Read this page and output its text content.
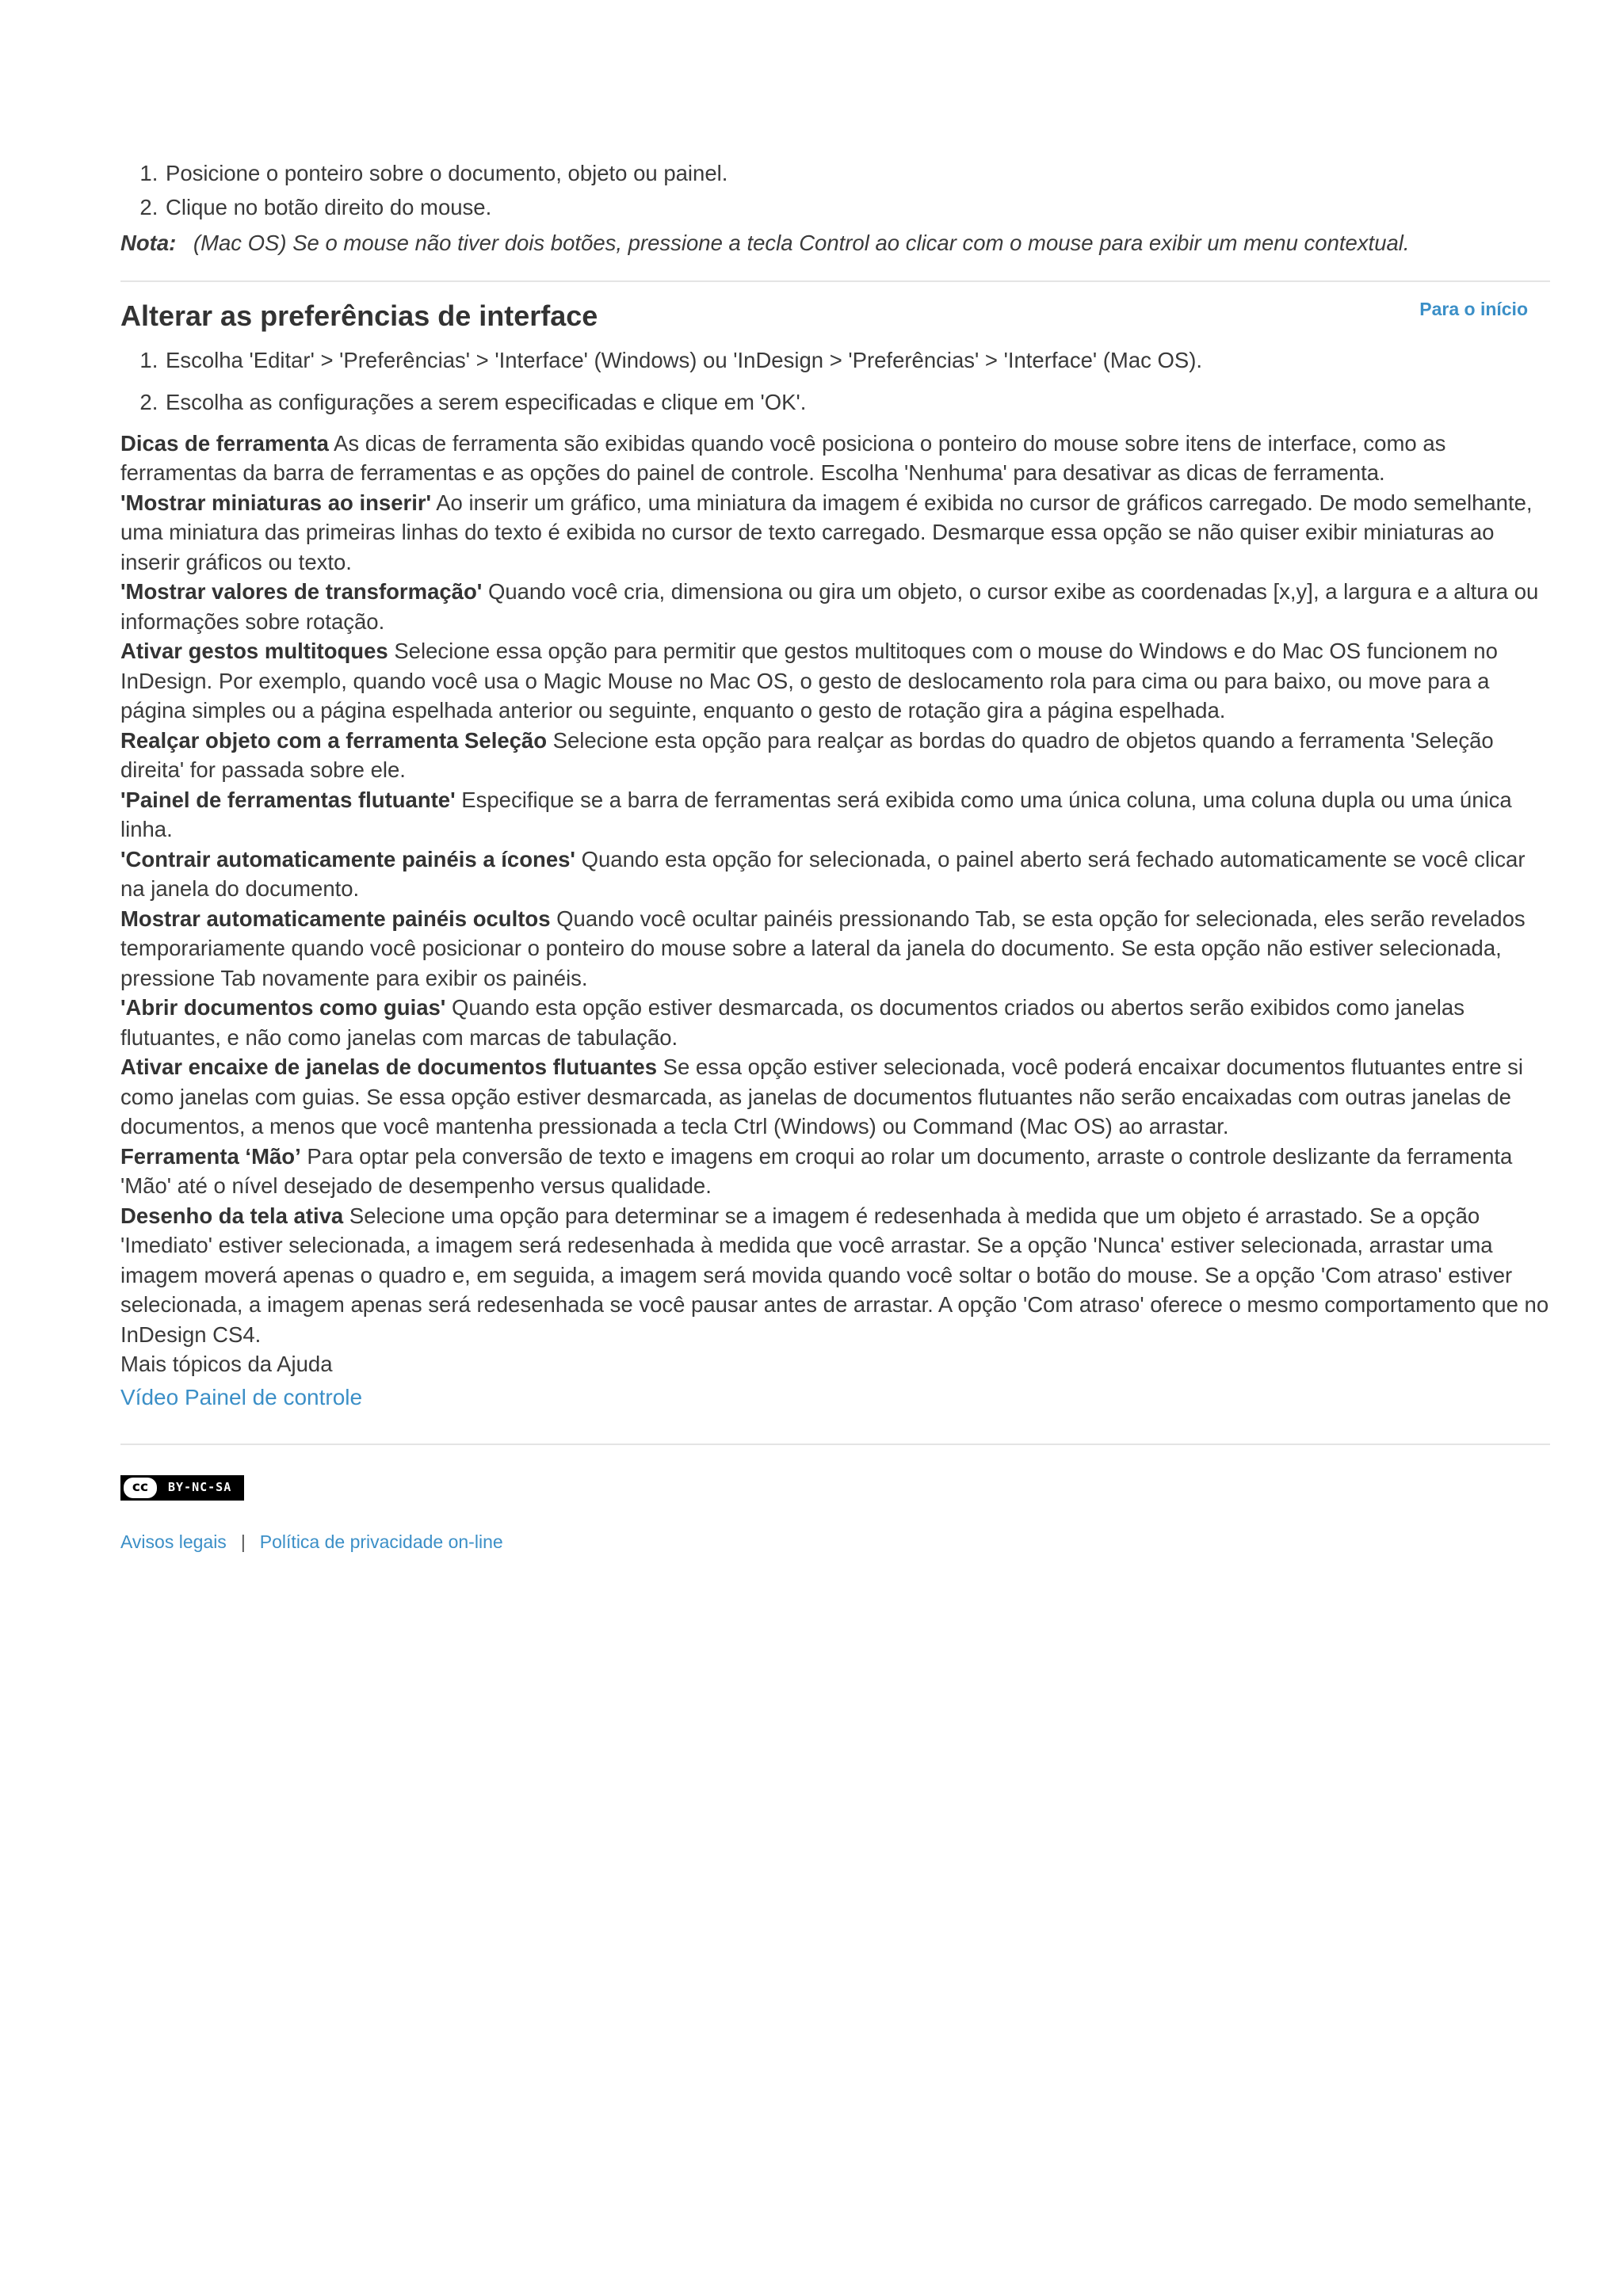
1. Posicione o ponteiro sobre o documento, objeto ou painel.
2. Clique no botão direito do mouse.
Nota: (Mac OS) Se o mouse não tiver dois botões, pressione a tecla Control ao clicar com o mouse para exibir um menu contextual.
Alterar as preferências de interface	Para o início
1. Escolha 'Editar' > 'Preferências' > 'Interface' (Windows) ou 'InDesign > 'Preferências' > 'Interface' (Mac OS).
2. Escolha as configurações a serem especificadas e clique em 'OK'.

Dicas de ferramenta As dicas de ferramenta são exibidas quando você posiciona o ponteiro do mouse sobre itens de interface, como as ferramentas da barra de ferramentas e as opções do painel de controle. Escolha 'Nenhuma' para desativar as dicas de ferramenta.

'Mostrar miniaturas ao inserir' Ao inserir um gráfico, uma miniatura da imagem é exibida no cursor de gráficos carregado. De modo semelhante, uma miniatura das primeiras linhas do texto é exibida no cursor de texto carregado. Desmarque essa opção se não quiser exibir miniaturas ao inserir gráficos ou texto.

'Mostrar valores de transformação' Quando você cria, dimensiona ou gira um objeto, o cursor exibe as coordenadas [x,y], a largura e a altura ou informações sobre rotação.

Ativar gestos multitoques Selecione essa opção para permitir que gestos multitoques com o mouse do Windows e do Mac OS funcionem no InDesign. Por exemplo, quando você usa o Magic Mouse no Mac OS, o gesto de deslocamento rola para cima ou para baixo, ou move para a página simples ou a página espelhada anterior ou seguinte, enquanto o gesto de rotação gira a página espelhada.

Realçar objeto com a ferramenta Seleção Selecione esta opção para realçar as bordas do quadro de objetos quando a ferramenta 'Seleção direita' for passada sobre ele.

'Painel de ferramentas flutuante' Especifique se a barra de ferramentas será exibida como uma única coluna, uma coluna dupla ou uma única linha.

'Contrair automaticamente painéis a ícones' Quando esta opção for selecionada, o painel aberto será fechado automaticamente se você clicar na janela do documento.

Mostrar automaticamente painéis ocultos Quando você ocultar painéis pressionando Tab, se esta opção for selecionada, eles serão revelados temporariamente quando você posicionar o ponteiro do mouse sobre a lateral da janela do documento. Se esta opção não estiver selecionada, pressione Tab novamente para exibir os painéis.

'Abrir documentos como guias' Quando esta opção estiver desmarcada, os documentos criados ou abertos serão exibidos como janelas flutuantes, e não como janelas com marcas de tabulação.

Ativar encaixe de janelas de documentos flutuantes Se essa opção estiver selecionada, você poderá encaixar documentos flutuantes entre si como janelas com guias. Se essa opção estiver desmarcada, as janelas de documentos flutuantes não serão encaixadas com outras janelas de documentos, a menos que você mantenha pressionada a tecla Ctrl (Windows) ou Command (Mac OS) ao arrastar.

Ferramenta ‘Mão’ Para optar pela conversão de texto e imagens em croqui ao rolar um documento, arraste o controle deslizante da ferramenta 'Mão' até o nível desejado de desempenho versus qualidade.

Desenho da tela ativa Selecione uma opção para determinar se a imagem é redesenhada à medida que um objeto é arrastado. Se a opção 'Imediato' estiver selecionada, a imagem será redesenhada à medida que você arrastar. Se a opção 'Nunca' estiver selecionada, arrastar uma imagem moverá apenas o quadro e, em seguida, a imagem será movida quando você soltar o botão do mouse. Se a opção 'Com atraso' estiver selecionada, a imagem apenas será redesenhada se você pausar antes de arrastar. A opção 'Com atraso' oferece o mesmo comportamento que no InDesign CS4.

Mais tópicos da Ajuda

Vídeo Painel de controle
cc	BY-NC-SA
Avisos legais | Política de privacidade on-line
